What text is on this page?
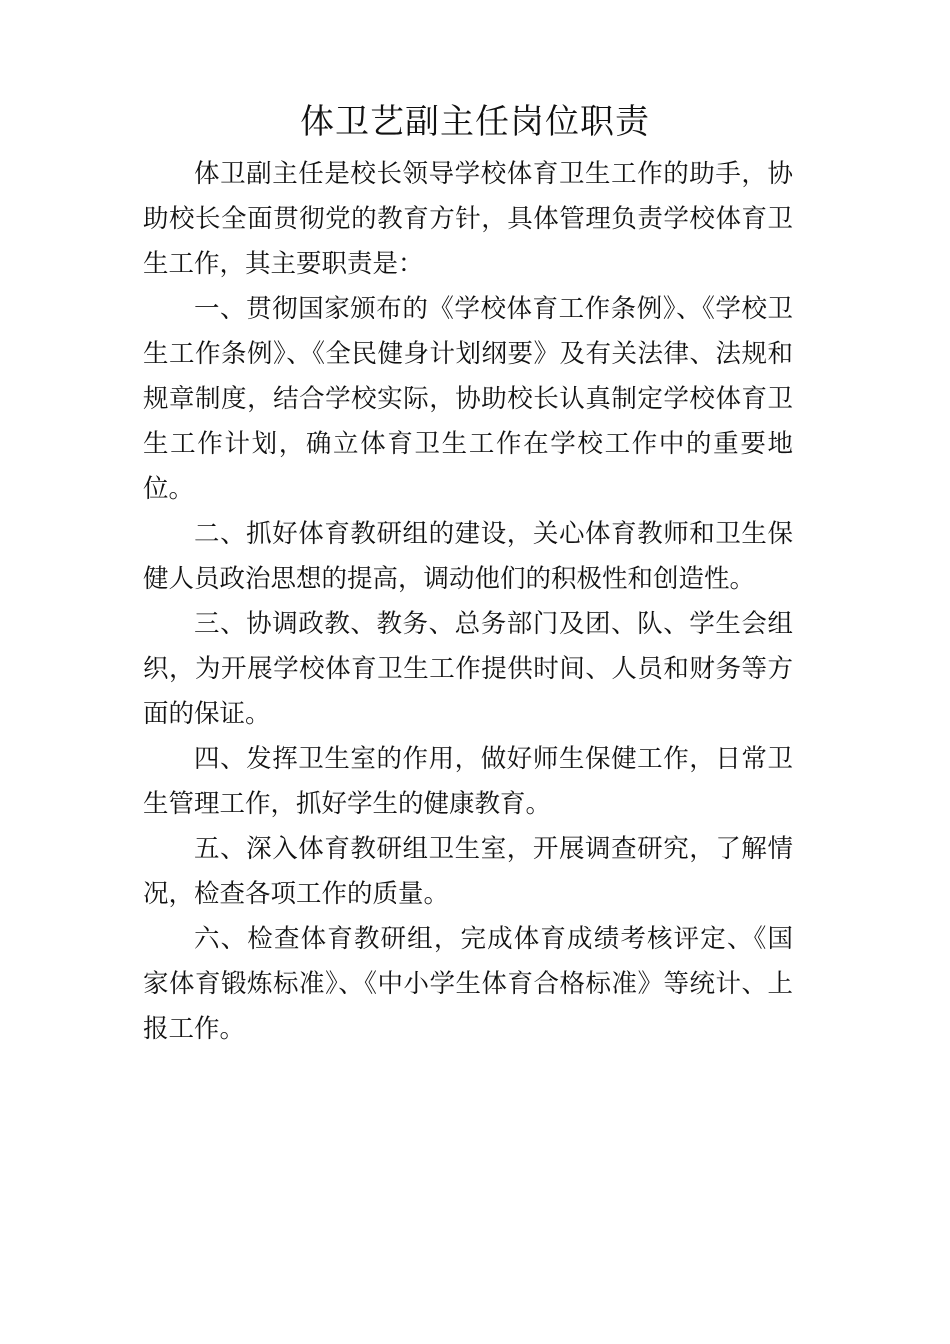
体卫艺副主任岗位职责

体卫副主任是校长领导学校体育卫生工作的助手，协助校长全面贯彻党的教育方针，具体管理负责学校体育卫生工作，其主要职责是：

一、贯彻国家颁布的《学校体育工作条例》、《学校卫生工作条例》、《全民健身计划纲要》及有关法律、法规和规章制度，结合学校实际，协助校长认真制定学校体育卫生工作计划，确立体育卫生工作在学校工作中的重要地位。

二、抓好体育教研组的建设，关心体育教师和卫生保健人员政治思想的提高，调动他们的积极性和创造性。

三、协调政教、教务、总务部门及团、队、学生会组织，为开展学校体育卫生工作提供时间、人员和财务等方面的保证。

四、发挥卫生室的作用，做好师生保健工作，日常卫生管理工作，抓好学生的健康教育。

五、深入体育教研组卫生室，开展调查研究，了解情况，检查各项工作的质量。

六、检查体育教研组，完成体育成绩考核评定、《国家体育锻炼标准》、《中小学生体育合格标准》等统计、上报工作。
